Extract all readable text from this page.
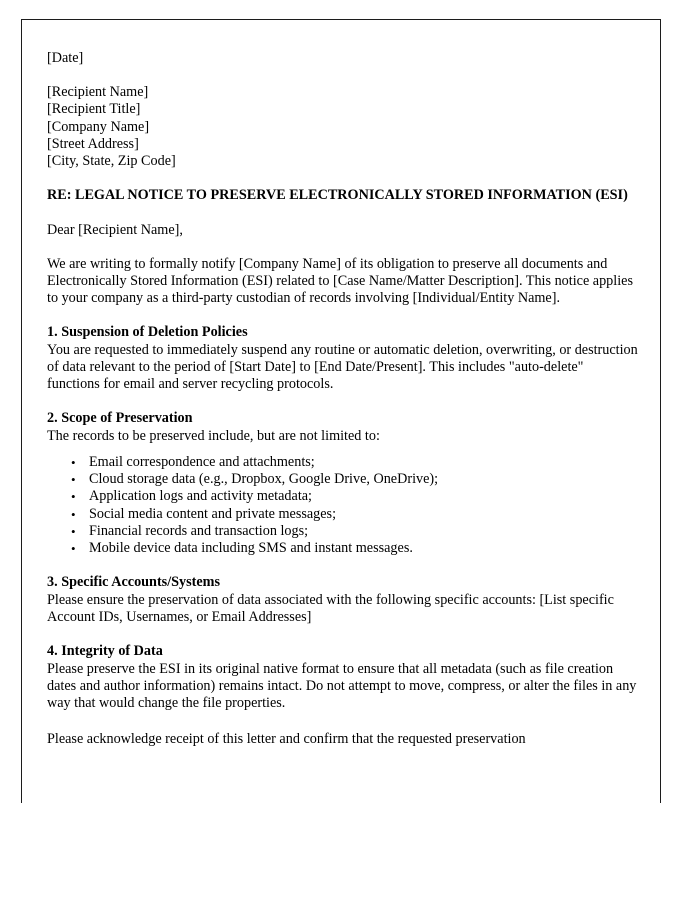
[Date]
[Recipient Name]
[Recipient Title]
[Company Name]
[Street Address]
[City, State, Zip Code]
RE: LEGAL NOTICE TO PRESERVE ELECTRONICALLY STORED INFORMATION (ESI)
Dear [Recipient Name],
We are writing to formally notify [Company Name] of its obligation to preserve all documents and Electronically Stored Information (ESI) related to [Case Name/Matter Description]. This notice applies to your company as a third-party custodian of records involving [Individual/Entity Name].
1. Suspension of Deletion Policies
You are requested to immediately suspend any routine or automatic deletion, overwriting, or destruction of data relevant to the period of [Start Date] to [End Date/Present]. This includes "auto-delete" functions for email and server recycling protocols.
2. Scope of Preservation
The records to be preserved include, but are not limited to:
• Email correspondence and attachments;
• Cloud storage data (e.g., Dropbox, Google Drive, OneDrive);
• Application logs and activity metadata;
• Social media content and private messages;
• Financial records and transaction logs;
• Mobile device data including SMS and instant messages.
3. Specific Accounts/Systems
Please ensure the preservation of data associated with the following specific accounts: [List specific Account IDs, Usernames, or Email Addresses]
4. Integrity of Data
Please preserve the ESI in its original native format to ensure that all metadata (such as file creation dates and author information) remains intact. Do not attempt to move, compress, or alter the files in any way that would change the file properties.
Please acknowledge receipt of this letter and confirm that the requested preservation
